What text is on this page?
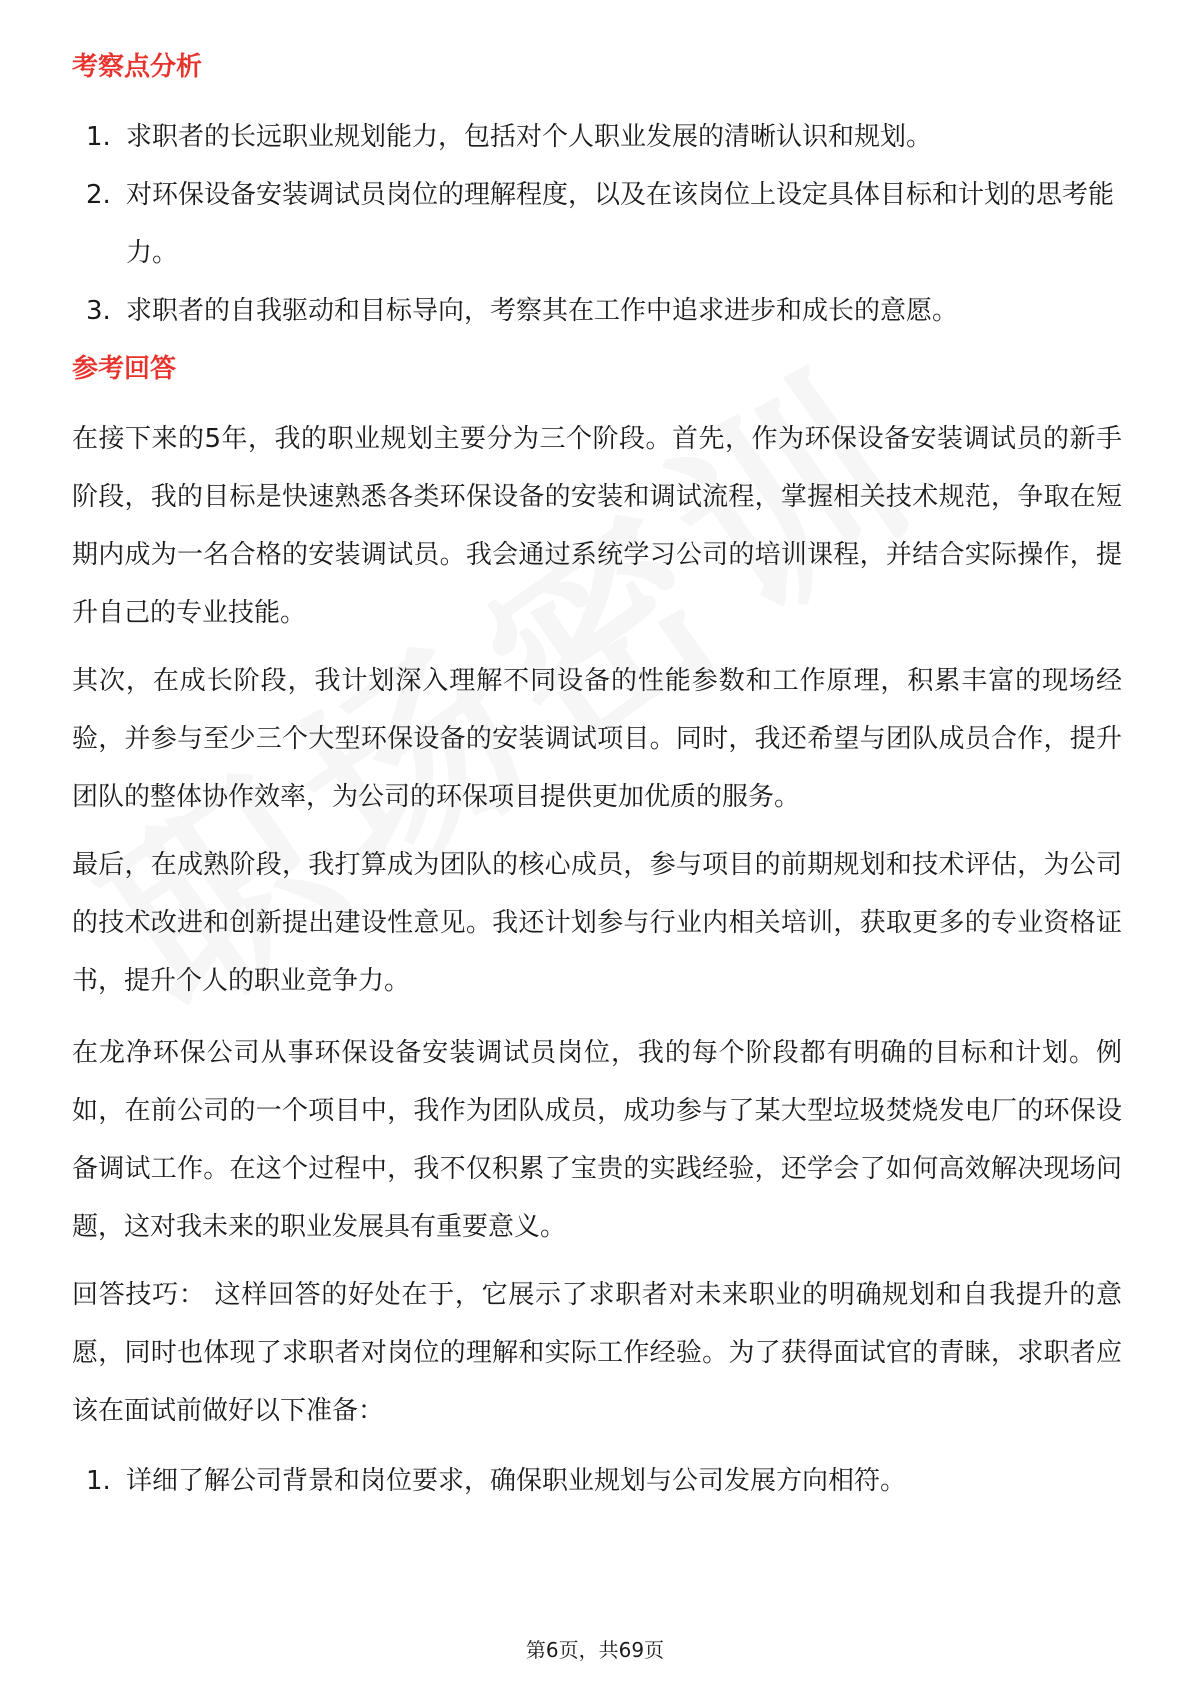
考察点分析
1. 求职者的长远职业规划能力，包括对个人职业发展的清晰认识和规划。
2. 对环保设备安装调试员岗位的理解程度，以及在该岗位上设定具体目标和计划的思考能力。
3. 求职者的自我驱动和目标导向，考察其在工作中追求进步和成长的意愿。
参考回答

在接下来的5年，我的职业规划主要分为三个阶段。首先，作为环保设备安装调试员的新手阶段，我的目标是快速熟悉各类环保设备的安装和调试流程，掌握相关技术规范，争取在短期内成为一名合格的安装调试员。我会通过系统学习公司的培训课程，并结合实际操作，提升自己的专业技能。

其次，在成长阶段，我计划深入理解不同设备的性能参数和工作原理，积累丰富的现场经验，并参与至少三个大型环保设备的安装调试项目。同时，我还希望与团队成员合作，提升团队的整体协作效率，为公司的环保项目提供更加优质的服务。

最后，在成熟阶段，我打算成为团队的核心成员，参与项目的前期规划和技术评估，为公司的技术改进和创新提出建设性意见。我还计划参与行业内相关培训，获取更多的专业资格证书，提升个人的职业竞争力。

在龙净环保公司从事环保设备安装调试员岗位，我的每个阶段都有明确的目标和计划。例如，在前公司的一个项目中，我作为团队成员，成功参与了某大型垃圾焚烧发电厂的环保设备调试工作。在这个过程中，我不仅积累了宝贵的实践经验，还学会了如何高效解决现场问题，这对我未来的职业发展具有重要意义。

回答技巧： 这样回答的好处在于，它展示了求职者对未来职业的明确规划和自我提升的意愿，同时也体现了求职者对岗位的理解和实际工作经验。为了获得面试官的青睐，求职者应该在面试前做好以下准备：

1. 详细了解公司背景和岗位要求，确保职业规划与公司发展方向相符。
第6页，共69页
